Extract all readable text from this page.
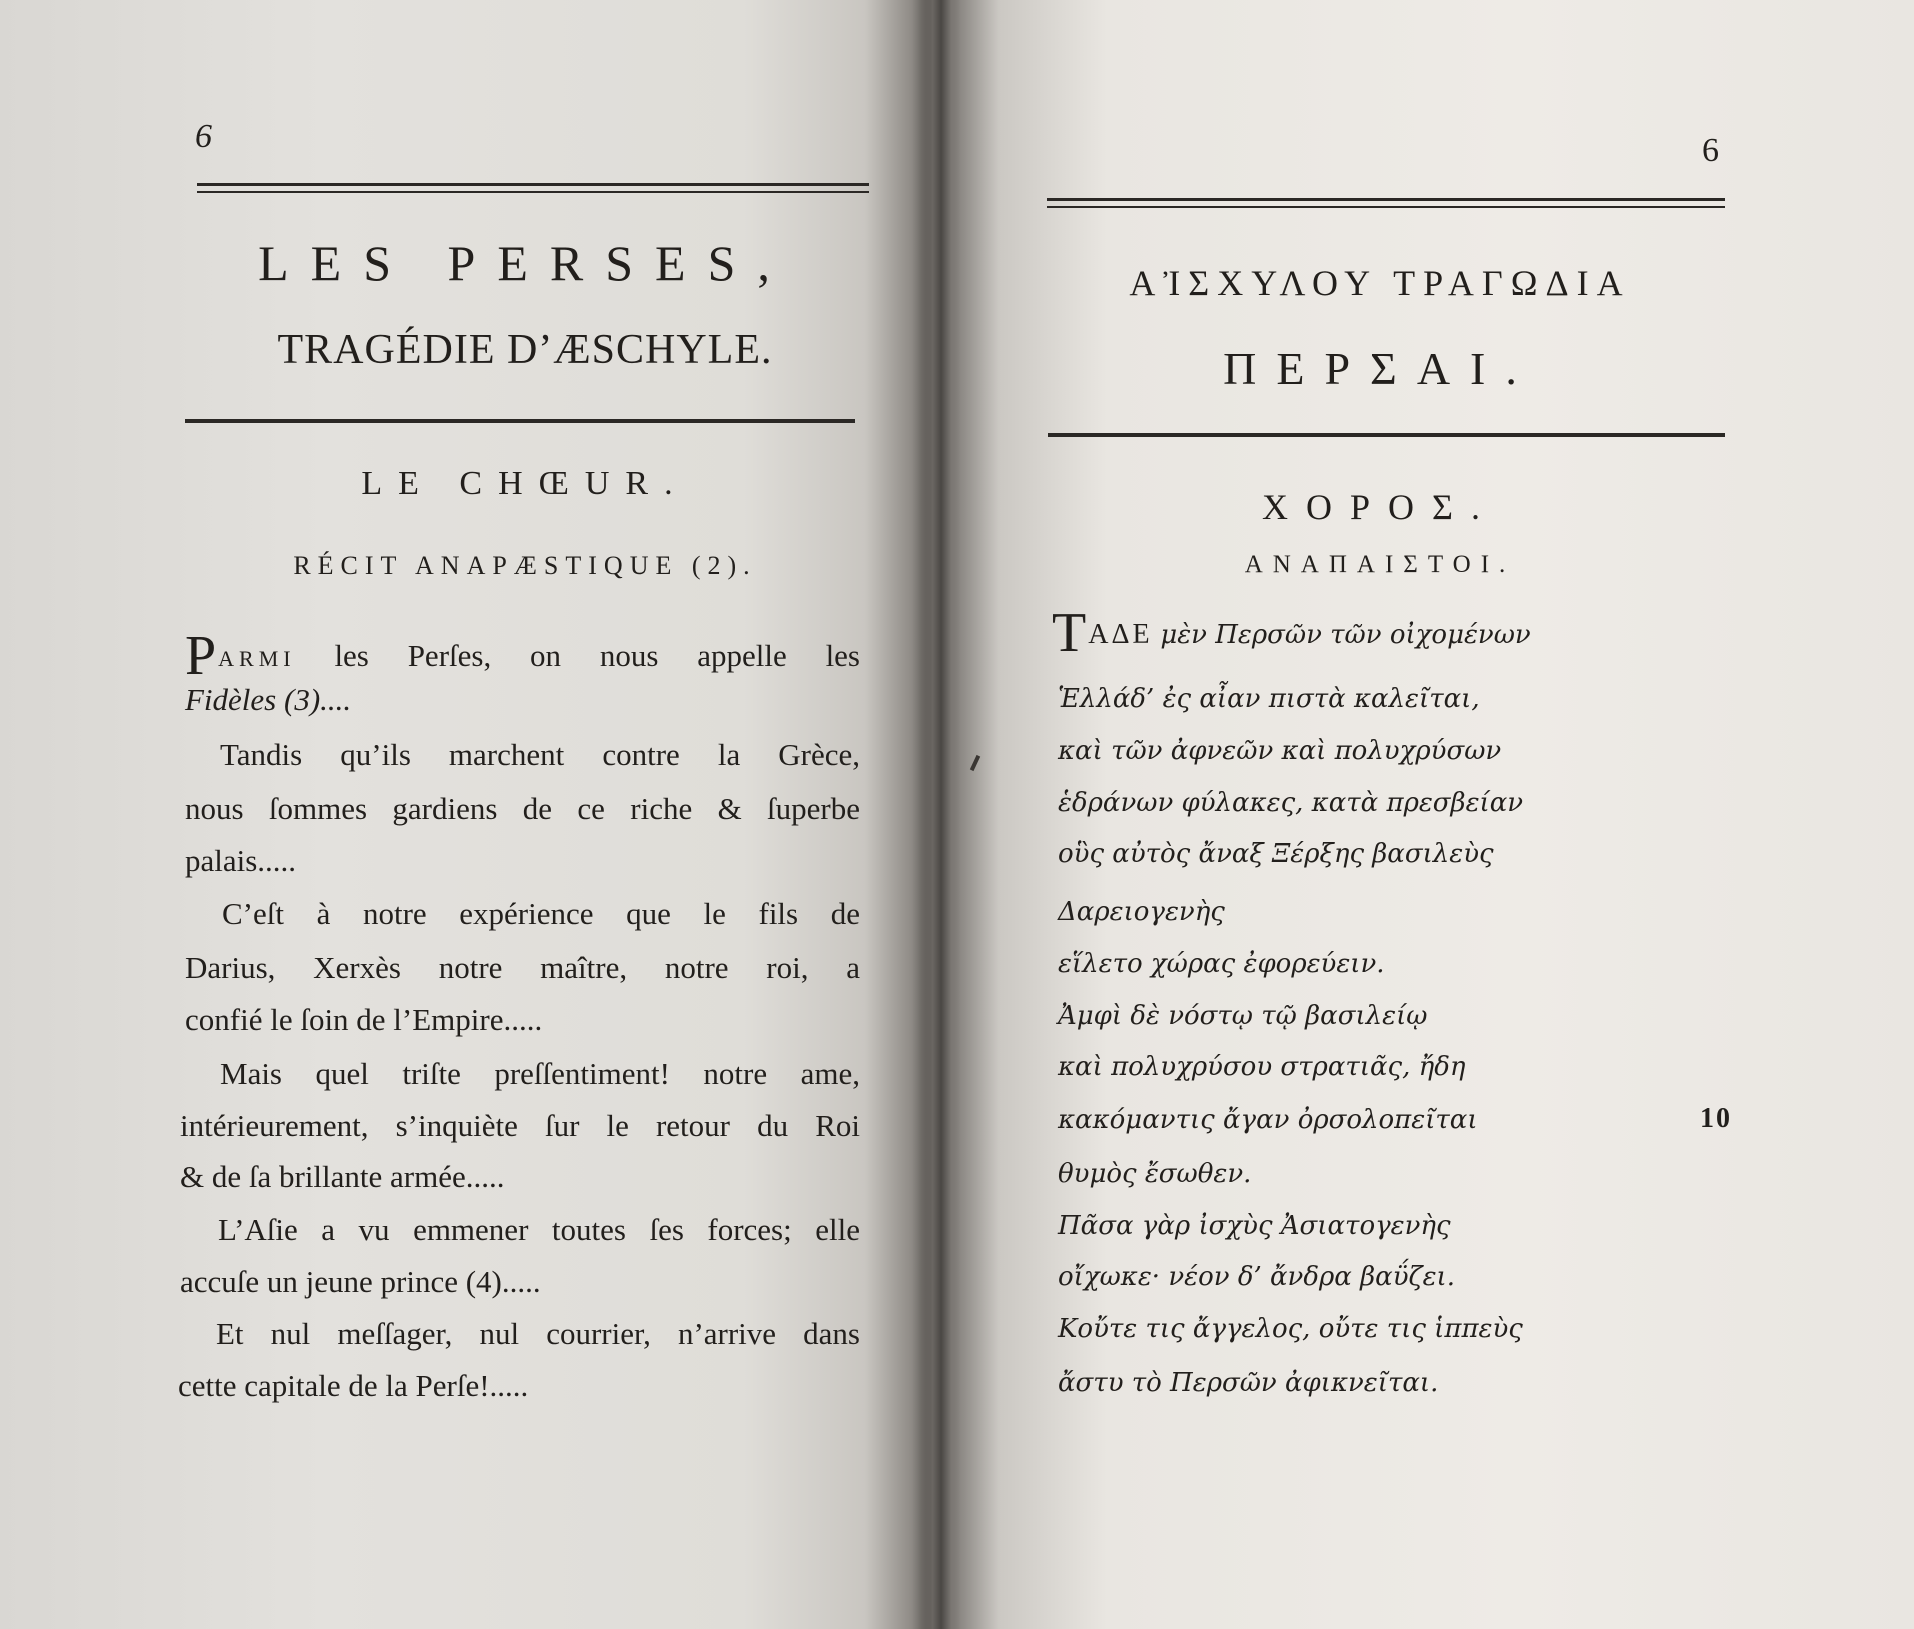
6
LES PERSES,
TRAGÉDIE D’ÆSCHYLE.
LE CHŒUR.
RÉCIT ANAPÆSTIQUE (2).
PARMI les Perſes, on nous appelle les
Fidèles (3)....
Tandis qu’ils marchent contre la Grèce,
nous ſommes gardiens de ce riche & ſuperbe
palais.....
C’eſt à notre expérience que le fils de
Darius, Xerxès notre maître, notre roi, a
confié le ſoin de l’Empire.....
Mais quel triſte preſſentiment! notre ame,
intérieurement, s’inquiète ſur le retour du Roi
& de ſa brillante armée.....
L’Aſie a vu emmener toutes ſes forces; elle
accuſe un jeune prince (4).....
Et nul meſſager, nul courrier, n’arrive dans
cette capitale de la Perſe!.....
6
ΑἸΣΧΥΛΟΥ ΤΡΑΓΩΔΙΑ
ΠΕΡΣΑΙ.
ΧΟΡΟΣ.
ΑΝΑΠΑΙΣΤΟΙ.
ΤΑΔΕ μὲν Περσῶν τῶν οἰχομένων
Ἑλλάδ’ ἐς αἶαν πιστὰ καλεῖται,
καὶ τῶν ἀφνεῶν καὶ πολυχρύσων
ἑδράνων φύλακες, κατὰ πρεσβείαν
οὓς αὐτὸς ἄναξ Ξέρξης βασιλεὺς
Δαρειογενὴς
εἵλετο χώρας ἐφορεύειν.
Ἀμφὶ δὲ νόστῳ τῷ βασιλείῳ
καὶ πολυχρύσου στρατιᾶς, ἤδη
κακόμαντις ἄγαν ὀρσολοπεῖται	10
θυμὸς ἔσωθεν.
Πᾶσα γὰρ ἰσχὺς Ἀσιατογενὴς
οἴχωκε· νέον δ’ ἄνδρα βαΰζει.
Κοὔτε τις ἄγγελος, οὔτε τις ἱππεὺς
ἄστυ τὸ Περσῶν ἀφικνεῖται.
